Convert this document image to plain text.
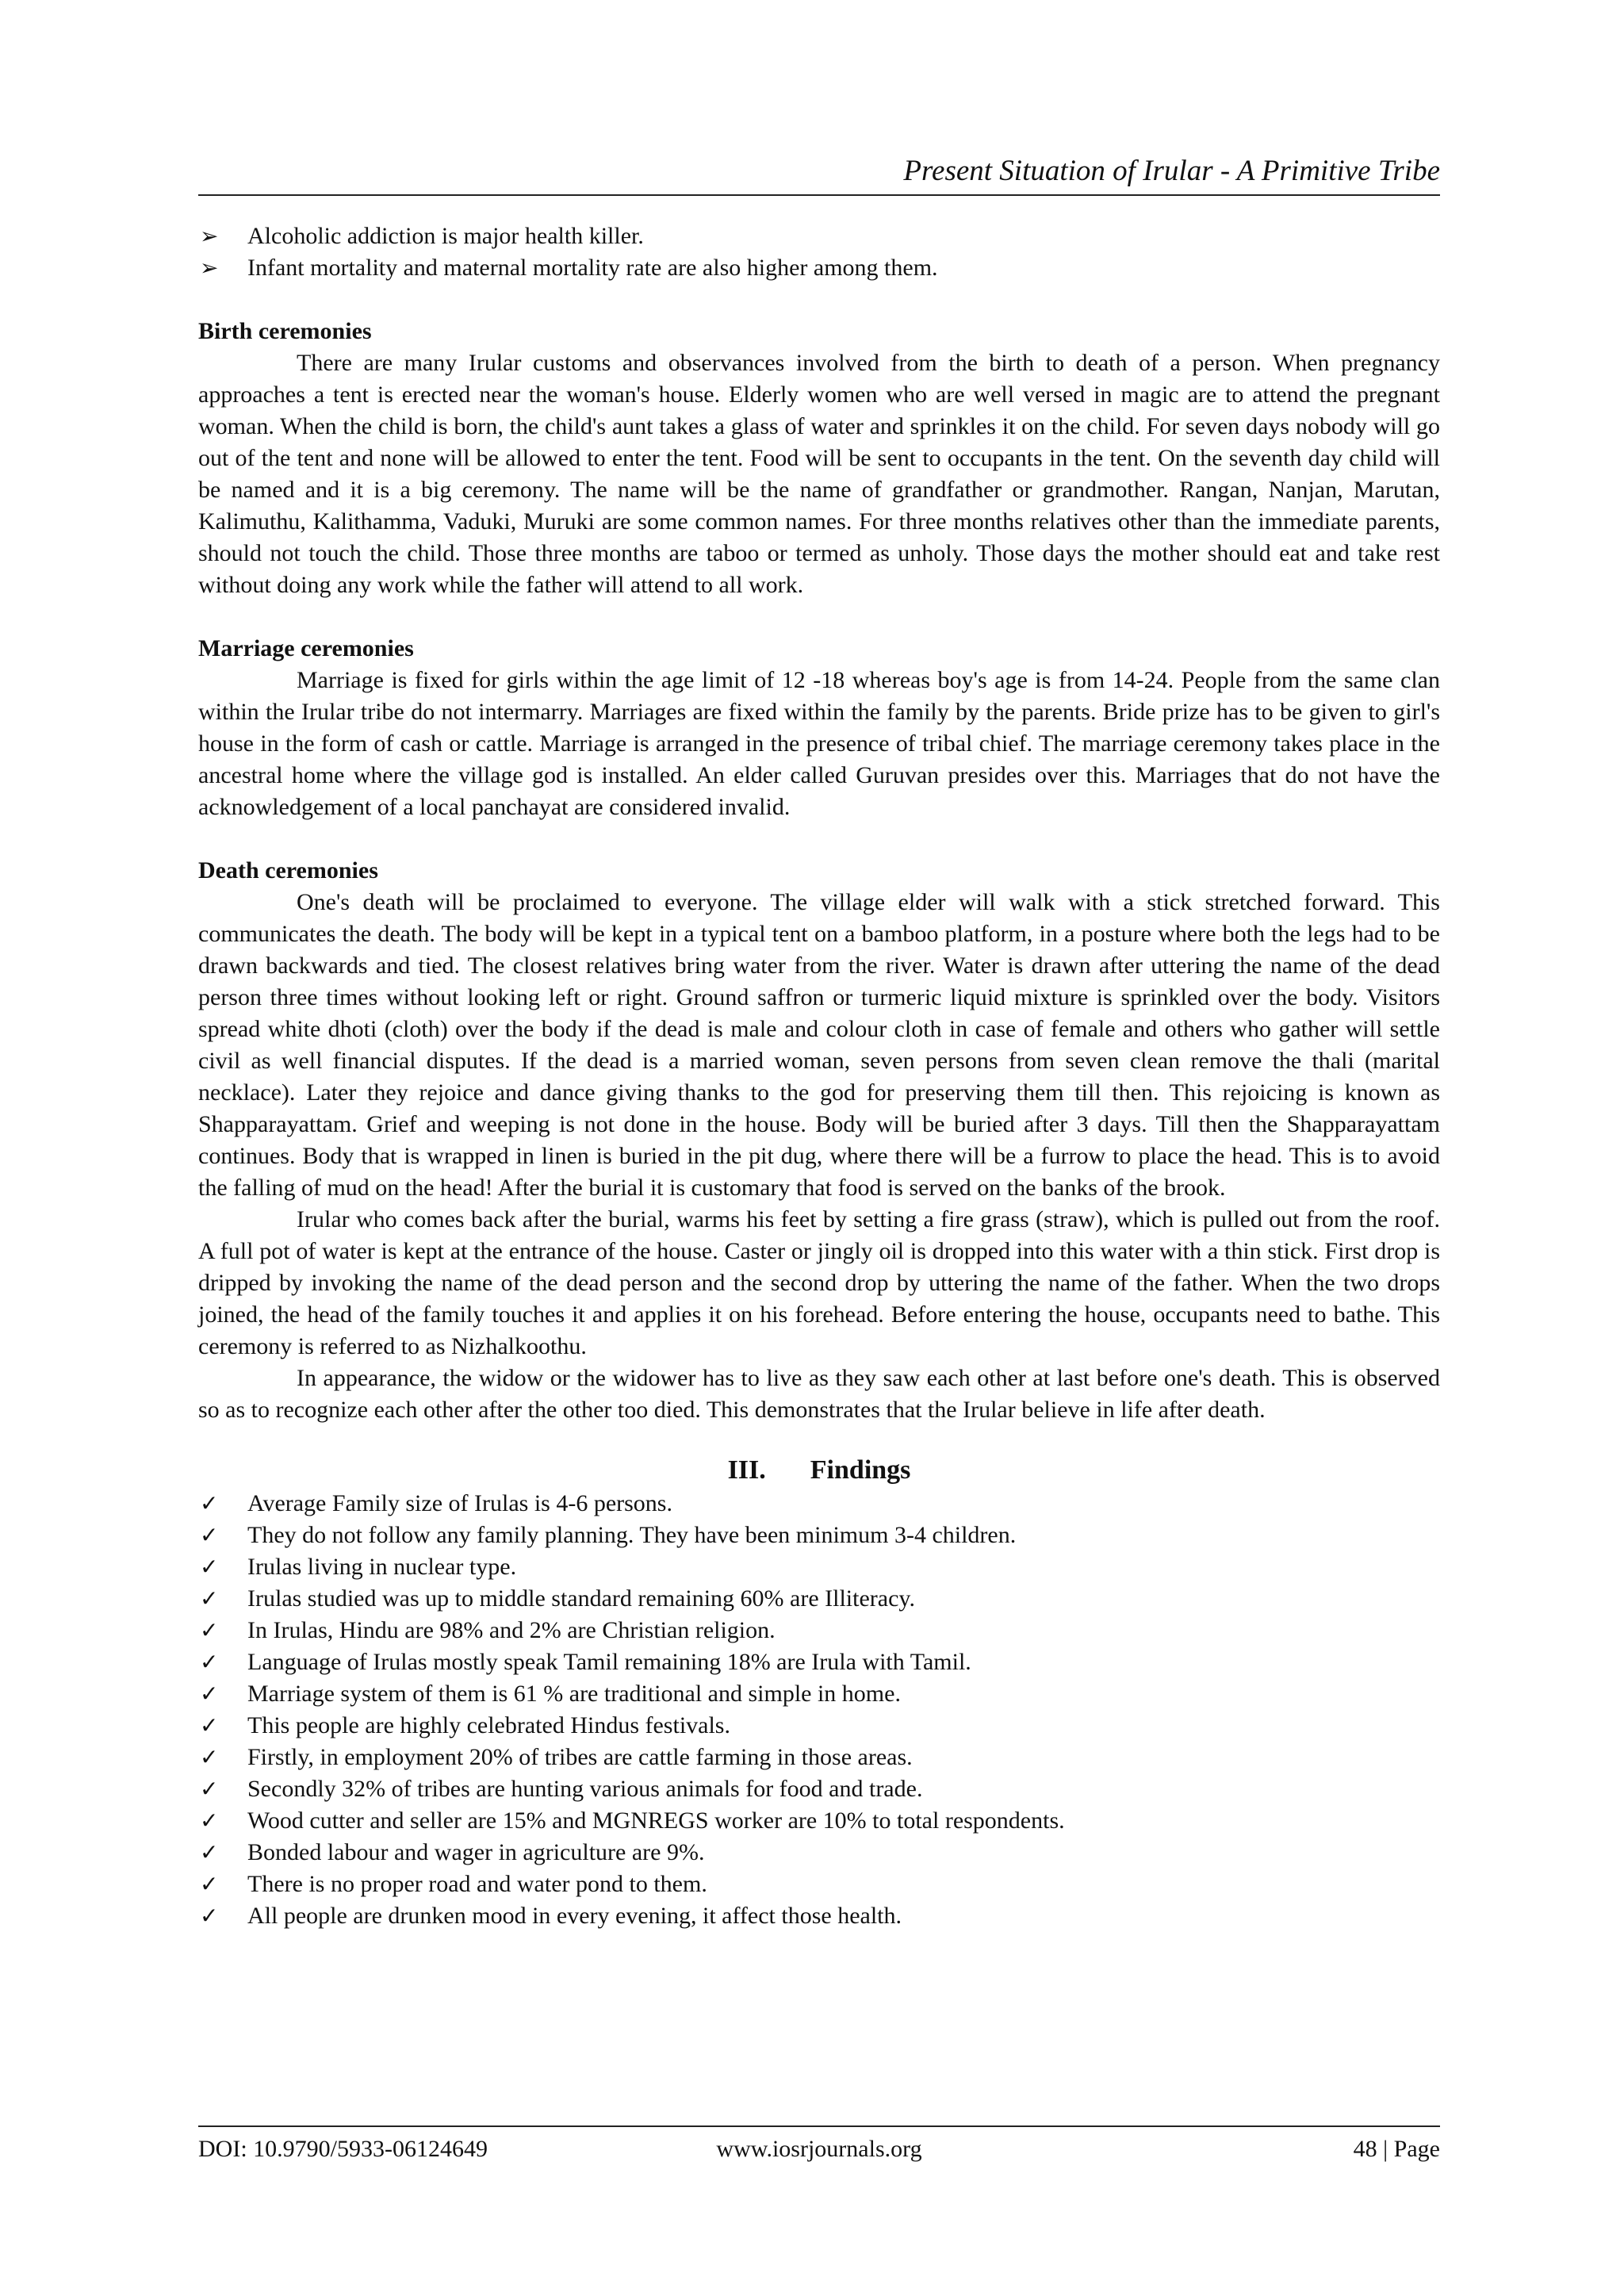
Present Situation of Irular - A Primitive Tribe
➢	Alcoholic addiction is major health killer.
➢	Infant mortality and maternal mortality rate are also higher among them.
Birth ceremonies

There are many Irular customs and observances involved from the birth to death of a person. When pregnancy approaches a tent is erected near the woman's house. Elderly women who are well versed in magic are to attend the pregnant woman. When the child is born, the child's aunt takes a glass of water and sprinkles it on the child. For seven days nobody will go out of the tent and none will be allowed to enter the tent. Food will be sent to occupants in the tent. On the seventh day child will be named and it is a big ceremony. The name will be the name of grandfather or grandmother. Rangan, Nanjan, Marutan, Kalimuthu, Kalithamma, Vaduki, Muruki are some common names. For three months relatives other than the immediate parents, should not touch the child. Those three months are taboo or termed as unholy. Those days the mother should eat and take rest without doing any work while the father will attend to all work.

Marriage ceremonies

Marriage is fixed for girls within the age limit of 12 -18 whereas boy's age is from 14-24. People from the same clan within the Irular tribe do not intermarry. Marriages are fixed within the family by the parents. Bride prize has to be given to girl's house in the form of cash or cattle. Marriage is arranged in the presence of tribal chief. The marriage ceremony takes place in the ancestral home where the village god is installed. An elder called Guruvan presides over this. Marriages that do not have the acknowledgement of a local panchayat are considered invalid.

Death ceremonies

One's death will be proclaimed to everyone. The village elder will walk with a stick stretched forward. This communicates the death. The body will be kept in a typical tent on a bamboo platform, in a posture where both the legs had to be drawn backwards and tied. The closest relatives bring water from the river. Water is drawn after uttering the name of the dead person three times without looking left or right. Ground saffron or turmeric liquid mixture is sprinkled over the body. Visitors spread white dhoti (cloth) over the body if the dead is male and colour cloth in case of female and others who gather will settle civil as well financial disputes. If the dead is a married woman, seven persons from seven clean remove the thali (marital necklace). Later they rejoice and dance giving thanks to the god for preserving them till then. This rejoicing is known as Shapparayattam. Grief and weeping is not done in the house. Body will be buried after 3 days. Till then the Shapparayattam continues. Body that is wrapped in linen is buried in the pit dug, where there will be a furrow to place the head. This is to avoid the falling of mud on the head! After the burial it is customary that food is served on the banks of the brook.

Irular who comes back after the burial, warms his feet by setting a fire grass (straw), which is pulled out from the roof. A full pot of water is kept at the entrance of the house. Caster or jingly oil is dropped into this water with a thin stick. First drop is dripped by invoking the name of the dead person and the second drop by uttering the name of the father. When the two drops joined, the head of the family touches it and applies it on his forehead. Before entering the house, occupants need to bathe. This ceremony is referred to as Nizhalkoothu.

In appearance, the widow or the widower has to live as they saw each other at last before one's death. This is observed so as to recognize each other after the other too died. This demonstrates that the Irular believe in life after death.

III. Findings
✓	Average Family size of Irulas is 4-6 persons.
✓	They do not follow any family planning. They have been minimum 3-4 children.
✓	Irulas living in nuclear type.
✓	Irulas studied was up to middle standard remaining 60% are Illiteracy.
✓	In Irulas, Hindu are 98% and 2% are Christian religion.
✓	Language of Irulas mostly speak Tamil remaining 18% are Irula with Tamil.
✓	Marriage system of them is 61 % are traditional and simple in home.
✓	This people are highly celebrated Hindus festivals.
✓	Firstly, in employment 20% of tribes are cattle farming in those areas.
✓	Secondly 32% of tribes are hunting various animals for food and trade.
✓	Wood cutter and seller are 15% and MGNREGS worker are 10% to total respondents.
✓	Bonded labour and wager in agriculture are 9%.
✓	There is no proper road and water pond to them.
✓	All people are drunken mood in every evening, it affect those health.
DOI: 10.9790/5933-06124649	www.iosrjournals.org	48 | Page
